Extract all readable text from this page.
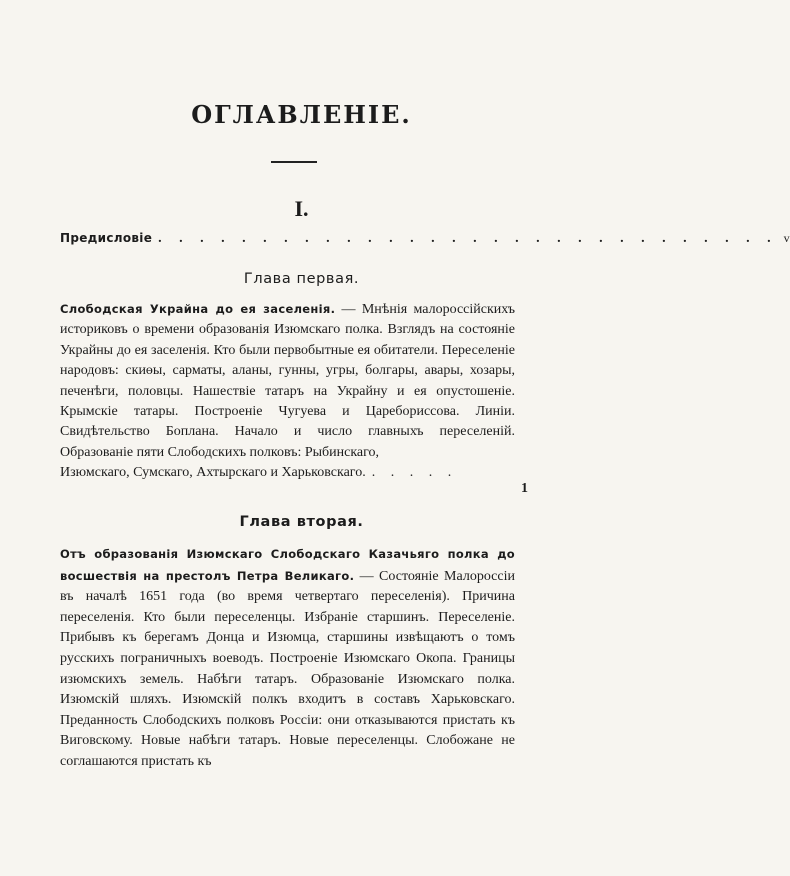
ОГЛАВЛЕНІЕ.
I.
Предисловіе . . . . . . . . . . . . . . . . . . . . . . . . . . . . . . v
Глава первая.
Слободская Украйна до ея заселенія. — Мнѣнія малороссійскихъ историковъ о времени образованія Изюмскаго полка. Взглядъ на состояніе Украйны до ея заселенія. Кто были первобытные ея обитатели. Переселеніе народовъ: скиѳы, сарматы, аланы, гунны, угры, болгары, авары, хозары, печенѣги, половцы. Нашествіе татаръ на Украйну и ея опустошеніе. Крымскіе татары. Построеніе Чугуева и Царебориссова. Линіи. Свидѣтельство Боплана. Начало и число главныхъ переселеній. Образованіе пяти Слободскихъ полковъ: Рыбинскаго,
Изюмскаго, Сумскаго, Ахтырскаго и Харьковскаго. . . . . .
1
Глава вторая.
Отъ образованія Изюмскаго Слободскаго Казачьяго полка до восшествія на престолъ Петра Великаго. — Состояніе Малороссіи въ началѣ 1651 года (во время четвертаго переселенія). Причина переселенія. Кто были переселенцы. Избраніе старшинъ. Переселеніе. Прибывъ къ берегамъ Донца и Изюмца, старшины извѣщаютъ о томъ русскихъ пограничныхъ воеводъ. Построеніе Изюмскаго Окопа. Границы изюмскихъ земель. Набѣги татаръ. Образованіе Изюмскаго полка. Изюмскій шляхъ. Изюмскій полкъ входитъ в составъ Харьковскаго. Преданность Слободскихъ полковъ Россіи: они отказываются пристать къ Виговскому. Новые набѣги татаръ. Новые переселенцы. Слобожане не соглашаются пристать къ
